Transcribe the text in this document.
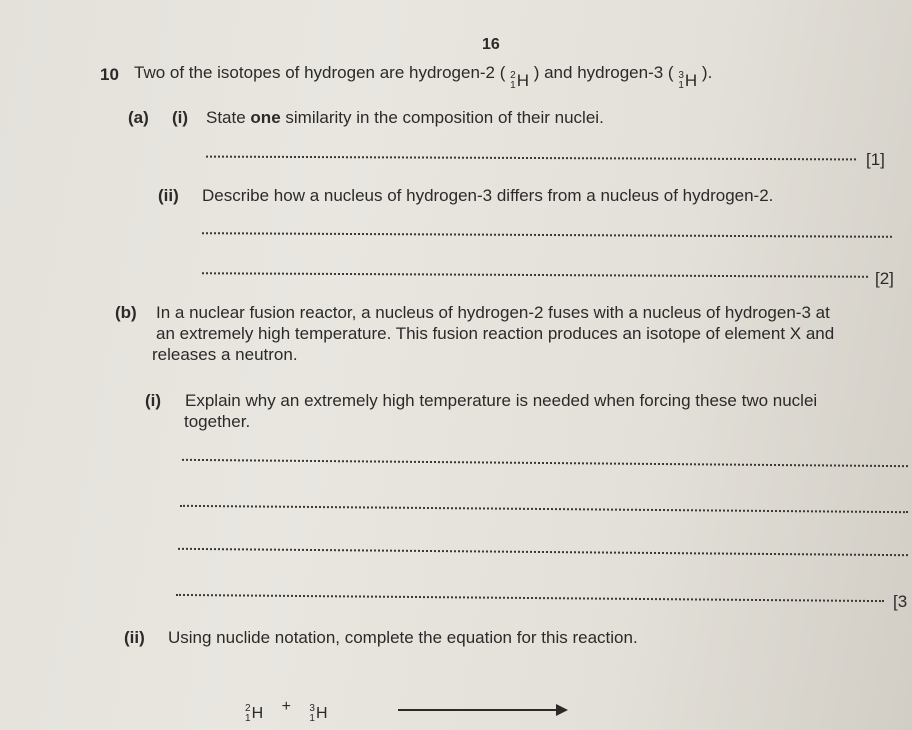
16
10 Two of the isotopes of hydrogen are hydrogen-2 ( 2
1 H ) and hydrogen-3 ( 3
1 H ).
(a) (i) State one similarity in the composition of their nuclei.
[1]
(ii) Describe how a nucleus of hydrogen-3 differs from a nucleus of hydrogen-2.
[2]
(b) In a nuclear fusion reactor, a nucleus of hydrogen-2 fuses with a nucleus of hydrogen-3 at
an extremely high temperature. This fusion reaction produces an isotope of element X and
releases a neutron.
(i) Explain why an extremely high temperature is needed when forcing these two nuclei
together.
[3
(ii) Using nuclide notation, complete the equation for this reaction.
2
1 H + 3
1 H
